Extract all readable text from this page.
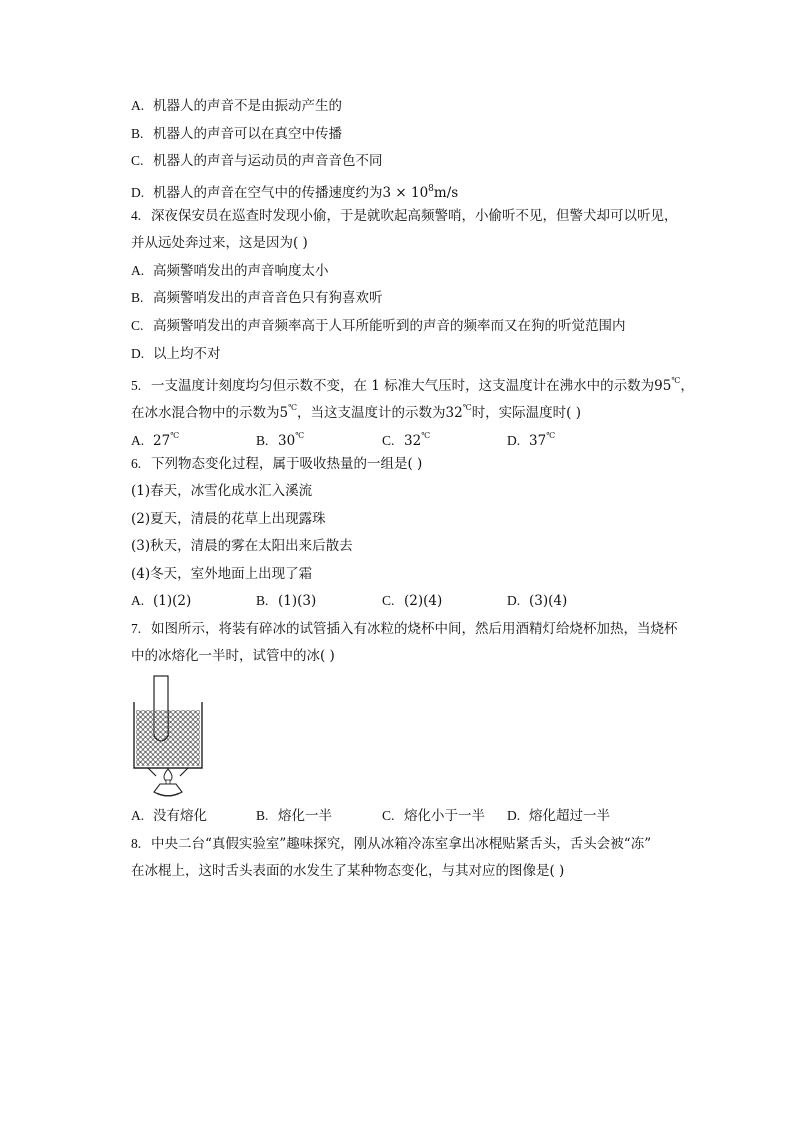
A. 机器人的声音不是由振动产生的
B. 机器人的声音可以在真空中传播
C. 机器人的声音与运动员的声音音色不同
D. 机器人的声音在空气中的传播速度约为$3 \times 10^8m/s$
4. 深夜保安员在巡查时发现小偷，于是就吹起高频警哨，小偷听不见，但警犬却可以听见，
并从远处奔过来，这是因为( )
A. 高频警哨发出的声音响度太小
B. 高频警哨发出的声音音色只有狗喜欢听
C. 高频警哨发出的声音频率高于人耳所能听到的声音的频率而又在狗的听觉范围内
D. 以上均不对
5. 一支温度计刻度均匀但示数不变，在 1 标准大气压时，这支温度计在沸水中的示数为95℃，
在冰水混合物中的示数为5℃，当这支温度计的示数为32℃时，实际温度时( )
A. 27℃	B. 30℃	C. 32℃	D. 37℃
6. 下列物态变化过程，属于吸收热量的一组是( )
(1)春天，冰雪化成水汇入溪流
(2)夏天，清晨的花草上出现露珠
(3)秋天，清晨的雾在太阳出来后散去
(4)冬天，室外地面上出现了霜
A. (1)(2)	B. (1)(3)	C. (2)(4)	D. (3)(4)
7. 如图所示，将装有碎冰的试管插入有冰粒的烧杯中间，然后用酒精灯给烧杯加热，当烧杯
中的冰熔化一半时，试管中的冰( )
A. 没有熔化	B. 熔化一半	C. 熔化小于一半 D. 熔化超过一半
8. 中央二台“真假实验室”趣味探究，刚从冰箱冷冻室拿出冰棍贴紧舌头，舌头会被“冻”
在冰棍上，这时舌头表面的水发生了某种物态变化，与其对应的图像是( )
